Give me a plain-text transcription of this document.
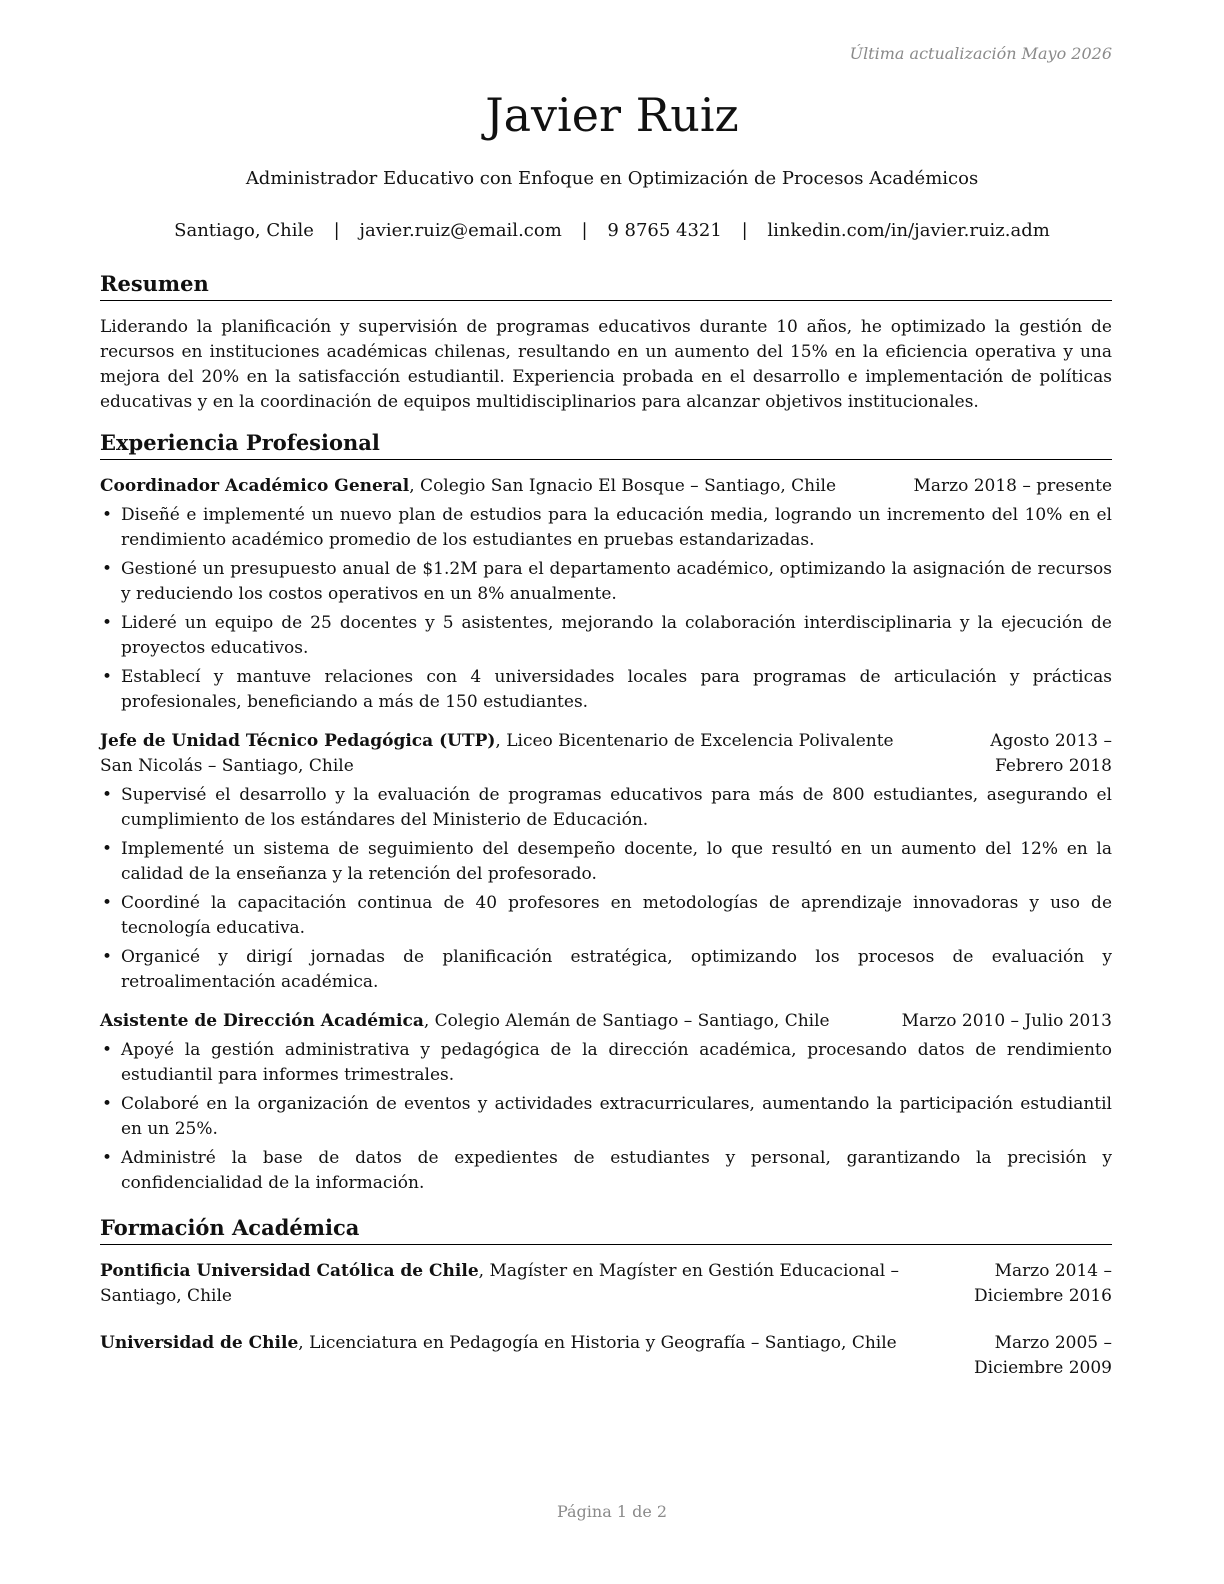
Última actualización Mayo 2026
Javier Ruiz
Administrador Educativo con Enfoque en Optimización de Procesos Académicos
Santiago, Chile | javier.ruiz@email.com | 9 8765 4321 | linkedin.com/in/javier.ruiz.adm
Resumen

Liderando la planificación y supervisión de programas educativos durante 10 años, he optimizado la gestión de recursos en instituciones académicas chilenas, resultando en un aumento del 15% en la eficiencia operativa y una mejora del 20% en la satisfacción estudiantil. Experiencia probada en el desarrollo e implementación de políticas educativas y en la coordinación de equipos multidisciplinarios para alcanzar objetivos institucionales.

Experiencia Profesional
Coordinador Académico General, Colegio San Ignacio El Bosque – Santiago, Chile	Marzo 2018 – presente
• Diseñé e implementé un nuevo plan de estudios para la educación media, logrando un incremento del 10% en el rendimiento académico promedio de los estudiantes en pruebas estandarizadas.
• Gestioné un presupuesto anual de $1.2M para el departamento académico, optimizando la asignación de recursos y reduciendo los costos operativos en un 8% anualmente.
• Lideré un equipo de 25 docentes y 5 asistentes, mejorando la colaboración interdisciplinaria y la ejecución de proyectos educativos.
• Establecí y mantuve relaciones con 4 universidades locales para programas de articulación y prácticas profesionales, beneficiando a más de 150 estudiantes.
Jefe de Unidad Técnico Pedagógica (UTP), Liceo Bicentenario de Excelencia Polivalente San Nicolás – Santiago, Chile
Agosto 2013 – Febrero 2018
• Supervisé el desarrollo y la evaluación de programas educativos para más de 800 estudiantes, asegurando el cumplimiento de los estándares del Ministerio de Educación.
• Implementé un sistema de seguimiento del desempeño docente, lo que resultó en un aumento del 12% en la calidad de la enseñanza y la retención del profesorado.
• Coordiné la capacitación continua de 40 profesores en metodologías de aprendizaje innovadoras y uso de tecnología educativa.
• Organicé y dirigí jornadas de planificación estratégica, optimizando los procesos de evaluación y retroalimentación académica.
Asistente de Dirección Académica, Colegio Alemán de Santiago – Santiago, Chile	Marzo 2010 – Julio 2013
• Apoyé la gestión administrativa y pedagógica de la dirección académica, procesando datos de rendimiento estudiantil para informes trimestrales.
• Colaboré en la organización de eventos y actividades extracurriculares, aumentando la participación estudiantil en un 25%.
• Administré la base de datos de expedientes de estudiantes y personal, garantizando la precisión y confidencialidad de la información.
Formación Académica
Pontificia Universidad Católica de Chile, Magíster en Magíster en Gestión Educacional – Santiago, Chile
Marzo 2014 – Diciembre 2016
Universidad de Chile, Licenciatura en Pedagogía en Historia y Geografía – Santiago, Chile	Marzo 2005 – Diciembre 2009
Página 1 de 2
